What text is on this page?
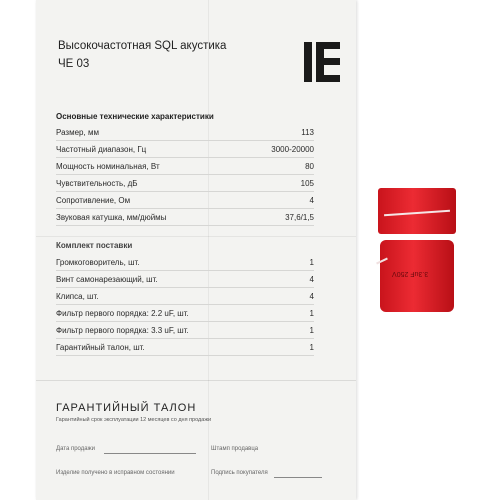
Высокочастотная SQL акустика
ЧЕ 03
Основные технические характеристики
Размер, мм	113
Частотный диапазон, Гц	3000-20000
Мощность номинальная, Вт	80
Чувствительность, дБ	105
Сопротивление, Ом	4
Звуковая катушка, мм/дюймы	37,6/1,5
Комплект поставки
Громкоговоритель, шт.	1
Винт самонарезающий, шт.	4
Клипса, шт.	4
Фильтр первого порядка: 2.2 uF, шт.	1
Фильтр первого порядка: 3.3 uF, шт.	1
Гарантийный талон, шт.	1
ГАРАНТИЙНЫЙ ТАЛОН
Гарантийный срок эксплуатации 12 месяцев со дня продажи
Дата продажи	Штамп продавца
Изделие получено в исправном состоянии	Подпись покупателя
3.3uF 250V
